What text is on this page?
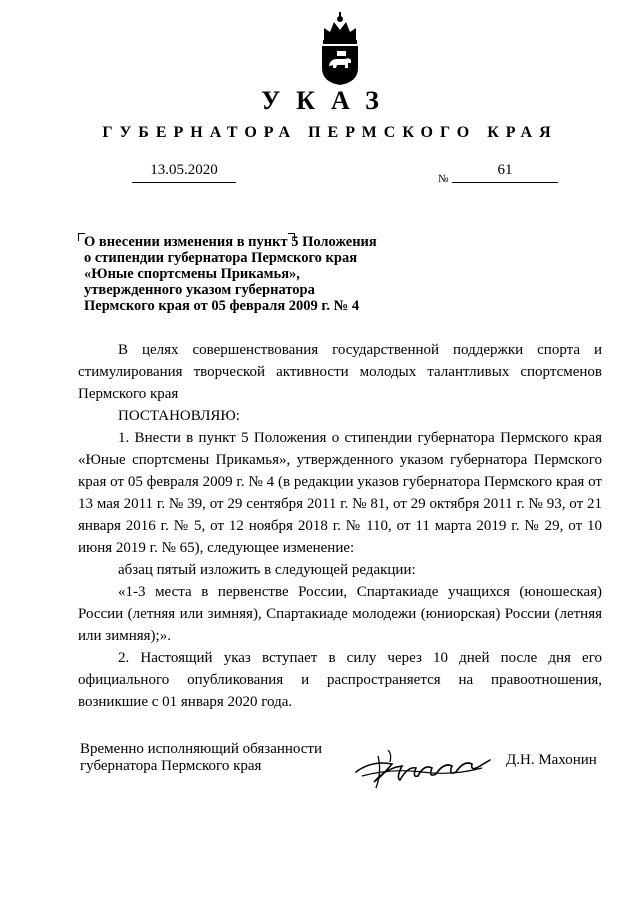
УКАЗ
ГУБЕРНАТОРА ПЕРМСКОГО КРАЯ
13.05.2020
№
61
О внесении изменения в пункт 5 Положения
о стипендии губернатора Пермского края
«Юные спортсмены Прикамья»,
утвержденного указом губернатора
Пермского края от 05 февраля 2009 г. № 4

В целях совершенствования государственной поддержки спорта и стимулирования творческой активности молодых талантливых спортсменов Пермского края

ПОСТАНОВЛЯЮ:

1. Внести в пункт 5 Положения о стипендии губернатора Пермского края «Юные спортсмены Прикамья», утвержденного указом губернатора Пермского края от 05 февраля 2009 г. № 4 (в редакции указов губернатора Пермского края от 13 мая 2011 г. № 39, от 29 сентября 2011 г. № 81, от 29 октября 2011 г. № 93, от 21 января 2016 г. № 5, от 12 ноября 2018 г. № 110, от 11 марта 2019 г. № 29, от 10 июня 2019 г. № 65), следующее изменение:

абзац пятый изложить в следующей редакции:

«1-3 места в первенстве России, Спартакиаде учащихся (юношеская) России (летняя или зимняя), Спартакиаде молодежи (юниорская) России (летняя или зимняя);».

2. Настоящий указ вступает в силу через 10 дней после дня его официального опубликования и распространяется на правоотношения, возникшие с 01 января 2020 года.

Временно исполняющий обязанности
губернатора Пермского края	Д.Н. Махонин
